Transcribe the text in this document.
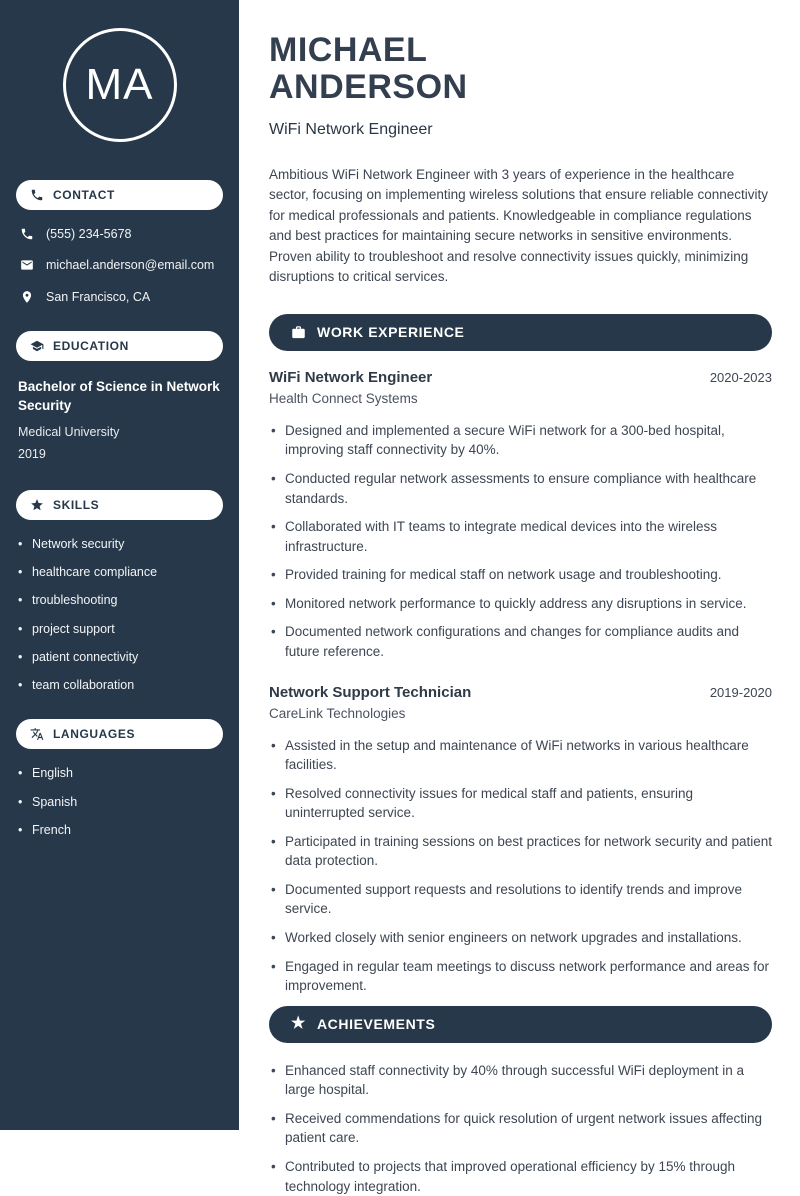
MA
CONTACT
(555) 234-5678
michael.anderson@email.com
San Francisco, CA
EDUCATION
Bachelor of Science in Network Security
Medical University
2019
SKILLS
• Network security
• healthcare compliance
• troubleshooting
• project support
• patient connectivity
• team collaboration
LANGUAGES
• English
• Spanish
• French
MICHAEL
ANDERSON
WiFi Network Engineer

Ambitious WiFi Network Engineer with 3 years of experience in the healthcare sector, focusing on implementing wireless solutions that ensure reliable connectivity for medical professionals and patients. Knowledgeable in compliance regulations and best practices for maintaining secure networks in sensitive environments. Proven ability to troubleshoot and resolve connectivity issues quickly, minimizing disruptions to critical services.

WORK EXPERIENCE
WiFi Network Engineer	2020-2023
Health Connect Systems
• Designed and implemented a secure WiFi network for a 300-bed hospital, improving staff connectivity by 40%.
• Conducted regular network assessments to ensure compliance with healthcare standards.
• Collaborated with IT teams to integrate medical devices into the wireless infrastructure.
• Provided training for medical staff on network usage and troubleshooting.
• Monitored network performance to quickly address any disruptions in service.
• Documented network configurations and changes for compliance audits and future reference.
Network Support Technician	2019-2020
CareLink Technologies
• Assisted in the setup and maintenance of WiFi networks in various healthcare facilities.
• Resolved connectivity issues for medical staff and patients, ensuring uninterrupted service.
• Participated in training sessions on best practices for network security and patient data protection.
• Documented support requests and resolutions to identify trends and improve service.
• Worked closely with senior engineers on network upgrades and installations.
• Engaged in regular team meetings to discuss network performance and areas for improvement.
★ ACHIEVEMENTS
• Enhanced staff connectivity by 40% through successful WiFi deployment in a large hospital.
• Received commendations for quick resolution of urgent network issues affecting patient care.
• Contributed to projects that improved operational efficiency by 15% through technology integration.
